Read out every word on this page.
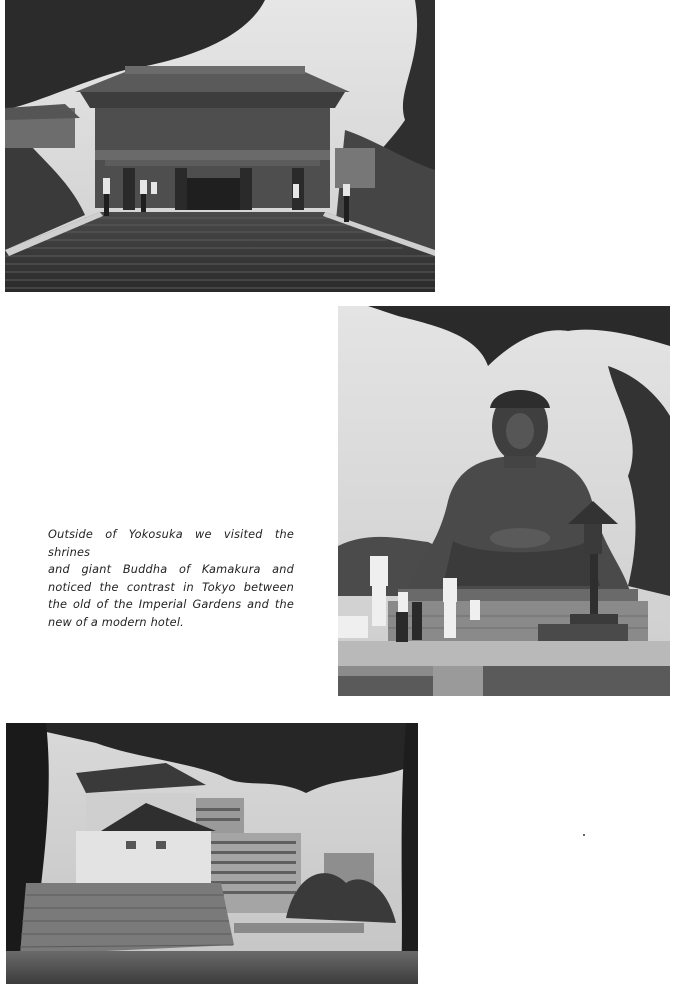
Outside of Yokosuka we visited the shrines
and giant Buddha of Kamakura and
noticed the contrast in Tokyo between
the old of the Imperial Gardens and the
new of a modern hotel.
